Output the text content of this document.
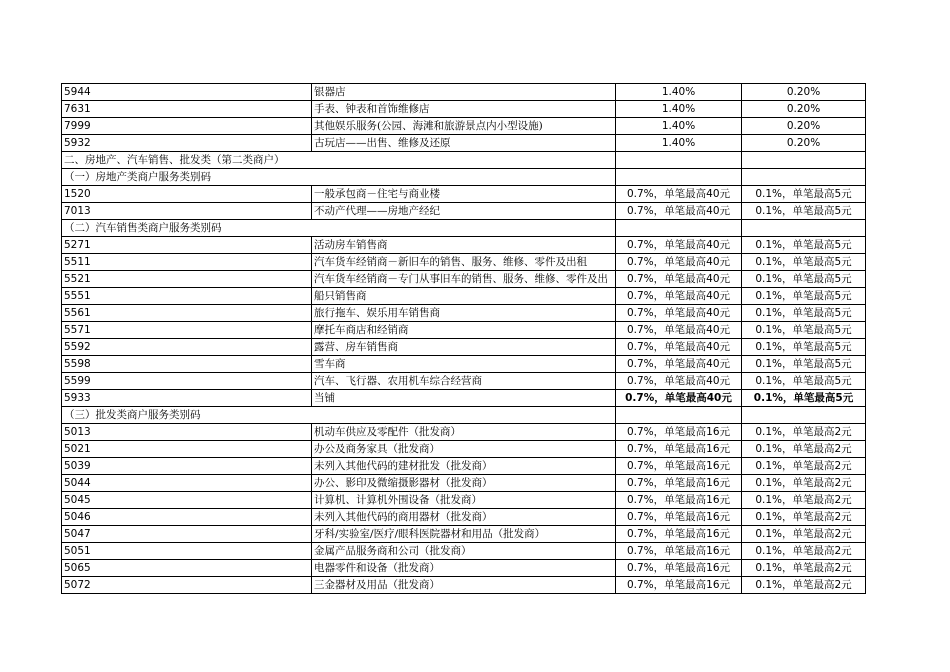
5944	银器店	1.40%	0.20%
7631	手表、钟表和首饰维修店	1.40%	0.20%
7999	其他娱乐服务(公园、海滩和旅游景点内小型设施)	1.40%	0.20%
5932	古玩店——出售、维修及还原	1.40%	0.20%
二、房地产、汽车销售、批发类（第二类商户）			
（一）房地产类商户服务类别码			
1520	一般承包商－住宅与商业楼	0.7%，单笔最高40元	0.1%，单笔最高5元
7013	不动产代理——房地产经纪	0.7%，单笔最高40元	0.1%，单笔最高5元
（二）汽车销售类商户服务类别码			
5271	活动房车销售商	0.7%，单笔最高40元	0.1%，单笔最高5元
5511	汽车货车经销商－新旧车的销售、服务、维修、零件及出租	0.7%，单笔最高40元	0.1%，单笔最高5元
5521	汽车货车经销商－专门从事旧车的销售、服务、维修、零件及出	0.7%，单笔最高40元	0.1%，单笔最高5元
5551	船只销售商	0.7%，单笔最高40元	0.1%，单笔最高5元
5561	旅行拖车、娱乐用车销售商	0.7%，单笔最高40元	0.1%，单笔最高5元
5571	摩托车商店和经销商	0.7%，单笔最高40元	0.1%，单笔最高5元
5592	露营、房车销售商	0.7%，单笔最高40元	0.1%，单笔最高5元
5598	雪车商	0.7%，单笔最高40元	0.1%，单笔最高5元
5599	汽车、飞行器、农用机车综合经营商	0.7%，单笔最高40元	0.1%，单笔最高5元
5933	当铺	0.7%，单笔最高40元	0.1%，单笔最高5元
（三）批发类商户服务类别码			
5013	机动车供应及零配件（批发商）	0.7%，单笔最高16元	0.1%，单笔最高2元
5021	办公及商务家具（批发商）	0.7%，单笔最高16元	0.1%，单笔最高2元
5039	未列入其他代码的建材批发（批发商）	0.7%，单笔最高16元	0.1%，单笔最高2元
5044	办公、影印及微缩摄影器材（批发商）	0.7%，单笔最高16元	0.1%，单笔最高2元
5045	计算机、计算机外围设备（批发商）	0.7%，单笔最高16元	0.1%，单笔最高2元
5046	未列入其他代码的商用器材（批发商）	0.7%，单笔最高16元	0.1%，单笔最高2元
5047	牙科/实验室/医疗/眼科医院器材和用品（批发商）	0.7%，单笔最高16元	0.1%，单笔最高2元
5051	金属产品服务商和公司（批发商）	0.7%，单笔最高16元	0.1%，单笔最高2元
5065	电器零件和设备（批发商）	0.7%，单笔最高16元	0.1%，单笔最高2元
5072	三金器材及用品（批发商）	0.7%，单笔最高16元	0.1%，单笔最高2元
